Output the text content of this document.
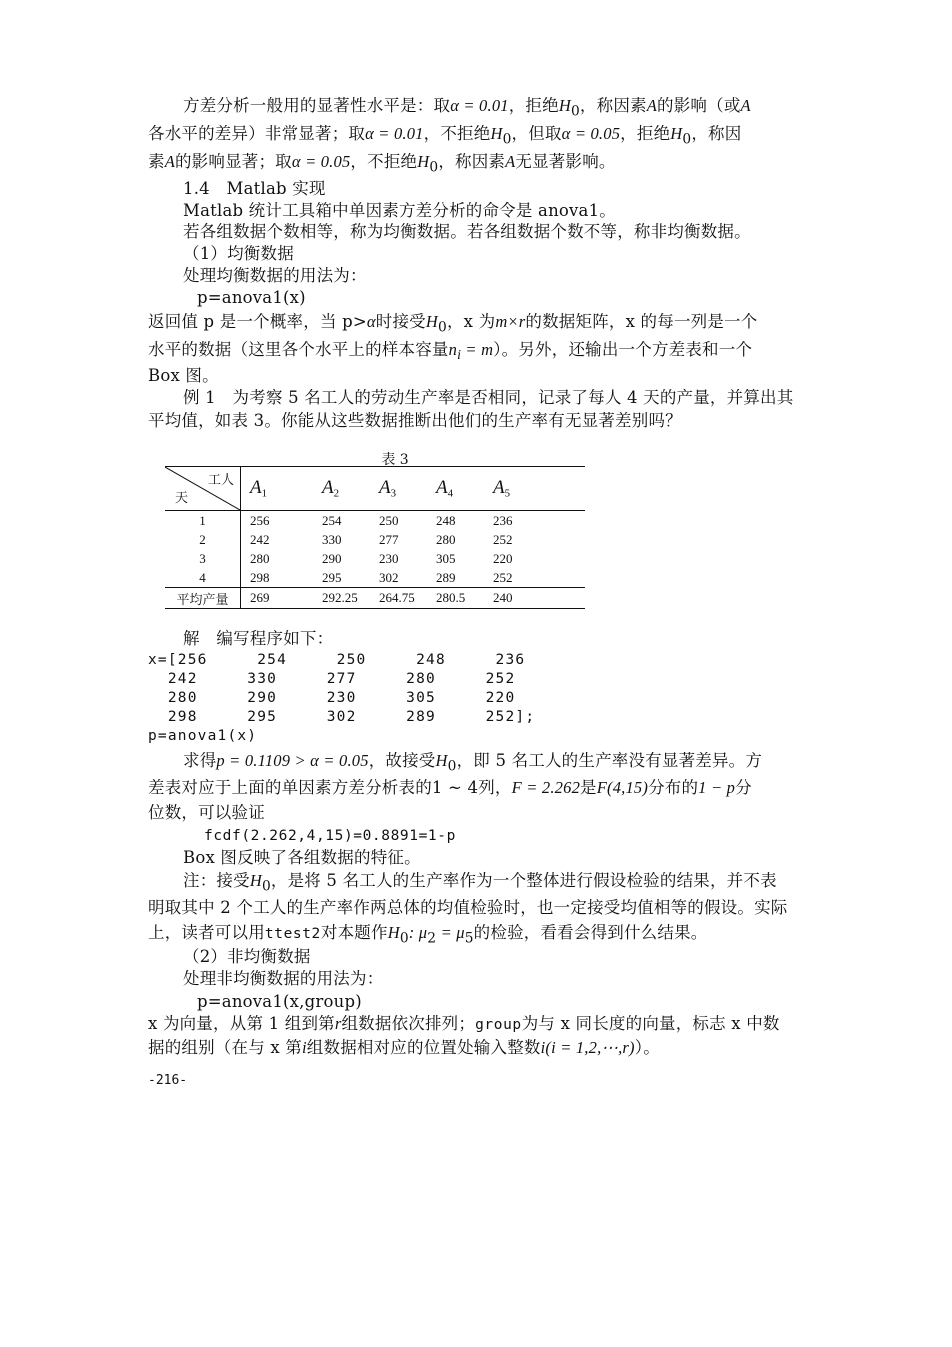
方差分析一般用的显著性水平是：取α = 0.01，拒绝$H_0$，称因素A的影响（或A
各水平的差异）非常显著；取α = 0.01，不拒绝$H_0$，但取α = 0.05，拒绝$H_0$，称因
素A的影响显著；取α = 0.05，不拒绝$H_0$，称因素A无显著影响。
1.4　Matlab 实现
Matlab 统计工具箱中单因素方差分析的命令是 anova1。
若各组数据个数相等，称为均衡数据。若各组数据个数不等，称非均衡数据。
（1）均衡数据
处理均衡数据的用法为：
p=anova1(x)
返回值 p 是一个概率，当 p>α时接受$H_0$，x 为m×r的数据矩阵，x 的每一列是一个
水平的数据（这里各个水平上的样本容量$n_i = m$）。另外，还输出一个方差表和一个
Box 图。
例 1　为考察 5 名工人的劳动生产率是否相同，记录了每人 4 天的产量，并算出其
平均值，如表 3。你能从这些数据推断出他们的生产率有无显著差别吗？
表 3
工人
天	$A_1$	$A_2$	$A_3$	$A_4$	$A_5$
1	256	254	250	248	236
2	242	330	277	280	252
3	280	290	230	305	220
4	298	295	302	289	252
平均产量	269	292.25	264.75	280.5	240
解　编写程序如下：
x=[256     254     250     248     236
242     330     277     280     252
280     290     230     305     220
298     295     302     289     252];
p=anova1(x)
求得p = 0.1109 > α = 0.05，故接受$H_0$，即 5 名工人的生产率没有显著差异。方
差表对应于上面的单因素方差分析表的1 ~ 4列，F = 2.262是F(4,15)分布的1 − p分
位数，可以验证
fcdf(2.262,4,15)=0.8891=1-p
Box 图反映了各组数据的特征。
注：接受$H_0$，是将 5 名工人的生产率作为一个整体进行假设检验的结果，并不表
明取其中 2 个工人的生产率作两总体的均值检验时，也一定接受均值相等的假设。实际
上，读者可以用ttest2对本题作$H_0$: $\mu_2 = \mu_5$的检验，看看会得到什么结果。
（2）非均衡数据
处理非均衡数据的用法为：
p=anova1(x,group)
x 为向量，从第 1 组到第r组数据依次排列；group为与 x 同长度的向量，标志 x 中数
据的组别（在与 x 第i组数据相对应的位置处输入整数i(i = 1,2,⋯,r)）。
-216-
